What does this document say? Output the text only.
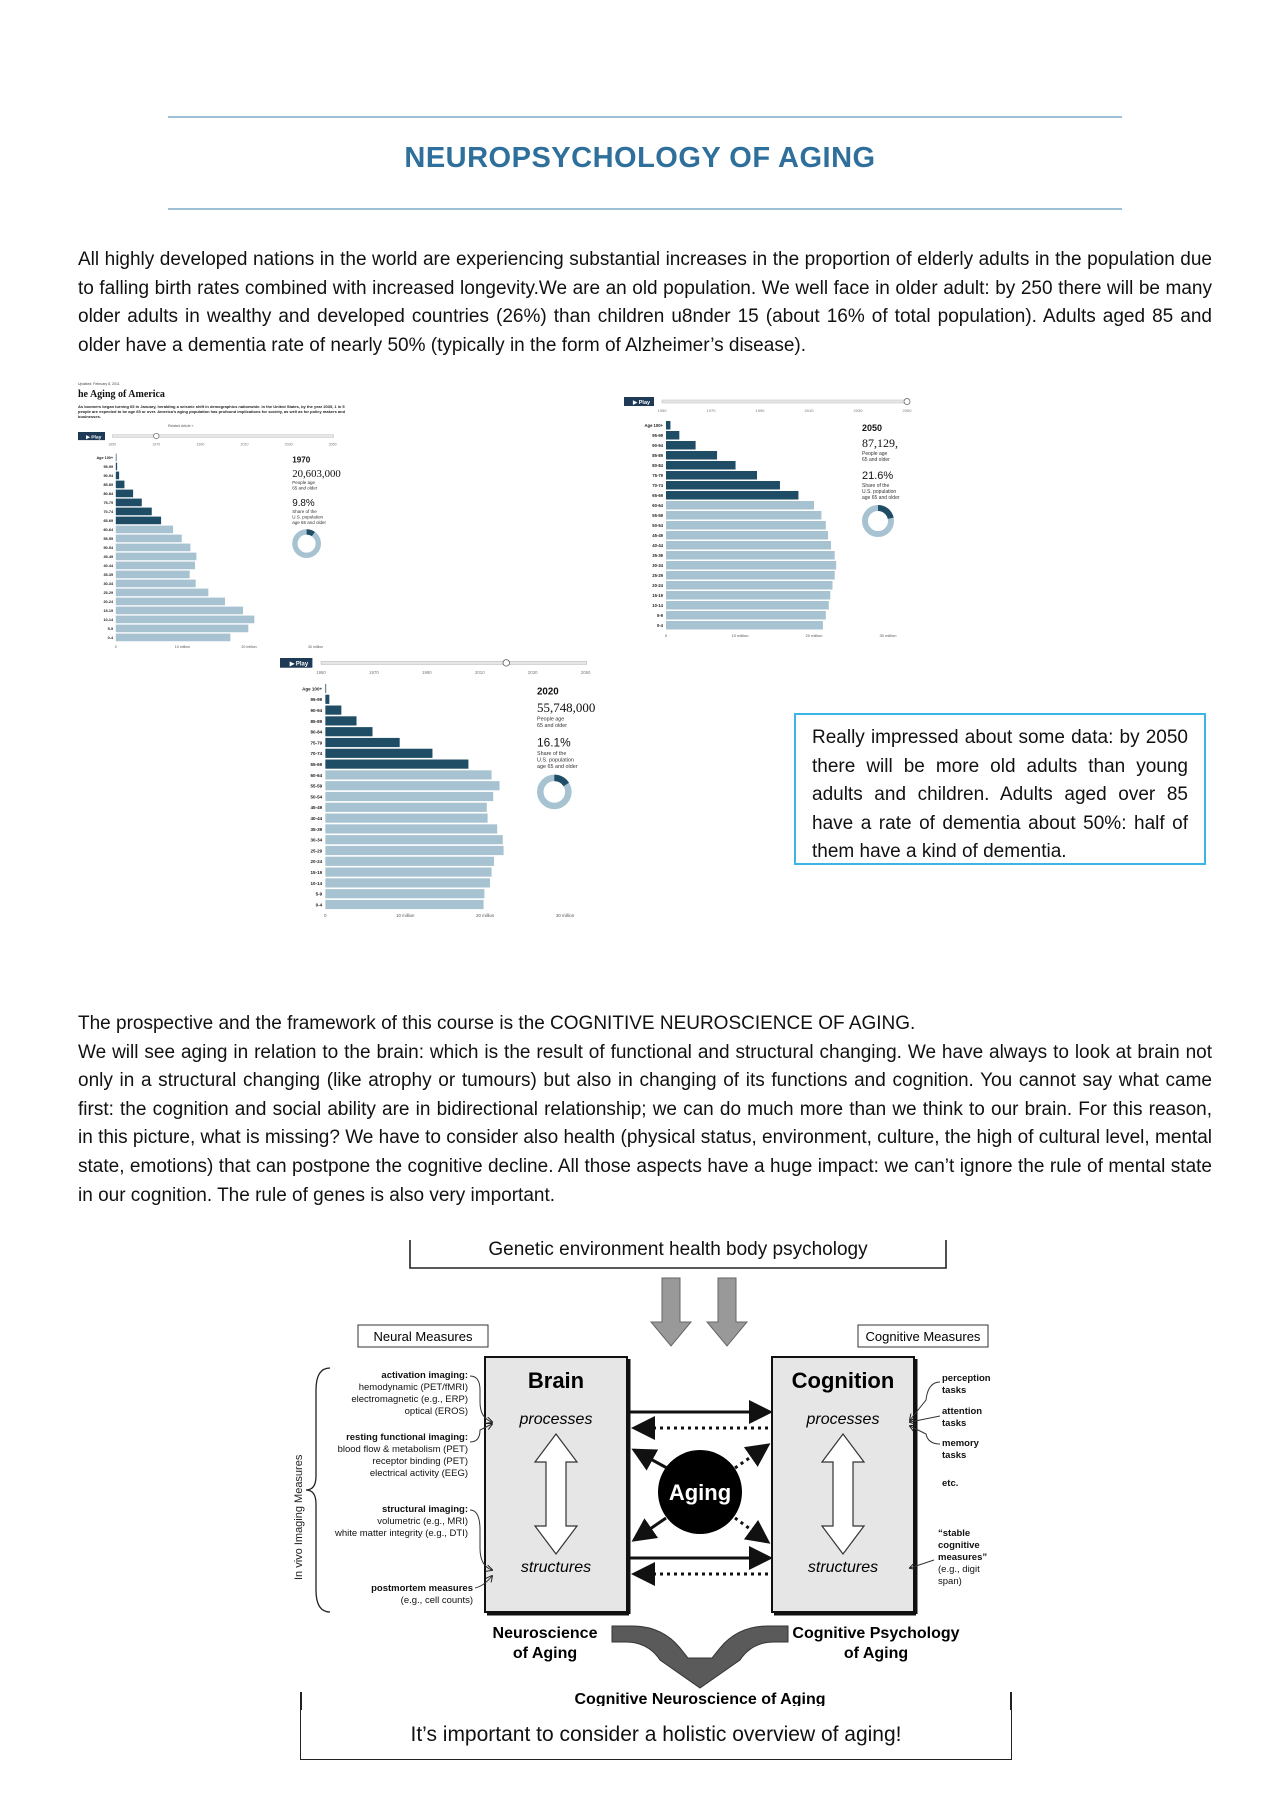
NEUROPSYCHOLOGY OF AGING
All highly developed nations in the world are experiencing substantial increases in the proportion of elderly adults in the population due to falling birth rates combined with increased longevity.We are an old population. We well face in older adult: by 250 there will be many older adults in wealthy and developed countries (26%) than children u8nder 15 (about 16% of total population). Adults aged 85 and older have a dementia rate of nearly 50% (typically in the form of Alzheimer’s disease).
Updated: February 8, 2011
he Aging of America
As boomers began turning 65 in January, heralding a seismic shift in demographics nationwide. In the United States, by the year 2035, 1 in 5 people are expected to be age 65 or over. America’s aging population has profound implications for society, as well as for policy makers and businesses.
Related Article »
▶ Play
1950	1970	1990	2010	2030	2050
Age 100+
95-99
90-94
85-89
80-84
75-79
70-74
65-69
60-64
55-59
50-54
45-49
40-44
35-39
30-34
25-29
20-24
15-19
10-14
5-9
0-4
0	10 million	20 million	30 million
1970
20,603,000
People age
65 and older
9.8%
Share of the
U.S. population
age 65 and older
▶ Play
1950	1970	1990	2010	2030	2050
Age 100+
95-99
90-94
85-89
80-84
75-79
70-74
65-69
60-64
55-59
50-54
45-49
40-44
35-39
30-34
25-29
20-24
15-19
10-14
5-9
0-4
0	10 million	20 million	30 million
2050
87,129,
People age
65 and older
21.6%
Share of the
U.S. population
age 65 and older
▶ Play
1950	1970	1990	2010	2030	2050
Age 100+
95-99
90-94
85-89
80-84
75-79
70-74
65-69
60-64
55-59
50-54
45-49
40-44
35-39
30-34
25-29
20-24
15-19
10-14
5-9
0-4
0	10 million	20 million	30 million
2020
55,748,000
People age
65 and older
16.1%
Share of the
U.S. population
age 65 and older
Really impressed about some data: by 2050 there will be more old adults than young adults and children. Adults aged over 85 have a rate of dementia about 50%: half of them have a kind of dementia.
The prospective and the framework of this course is the COGNITIVE NEUROSCIENCE OF AGING.
We will see aging in relation to the brain: which is the result of functional and structural changing. We have always to look at brain not only in a structural changing (like atrophy or tumours) but also in changing of its functions and cognition. You cannot say what came first: the cognition and social ability are in bidirectional relationship; we can do much more than we think to our brain. For this reason, in this picture, what is missing? We have to consider also health (physical status, environment, culture, the high of cultural level, mental state, emotions) that can postpone the cognitive decline. All those aspects have a huge impact: we can’t ignore the rule of mental state in our cognition. The rule of genes is also very important.
Genetic environment health body psychology
Neural Measures	Cognitive Measures
Brain
processes
structures
Cognition
processes
structures
Aging
In vivo Imaging Measures
activation imaging:
hemodynamic (PET/fMRI)
electromagnetic (e.g., ERP)
optical (EROS)
resting functional imaging:
blood flow & metabolism (PET)
receptor binding (PET)
electrical activity (EEG)
structural imaging:
volumetric (e.g., MRI)
white matter integrity (e.g., DTI)
postmortem measures
(e.g., cell counts)
perception
tasks
attention
tasks
memory
tasks
etc.
“stable
cognitive
measures”
(e.g., digit
span)
Neuroscience
of Aging
Cognitive Psychology
of Aging
Cognitive Neuroscience of Aging
It’s important to consider a holistic overview of aging!
